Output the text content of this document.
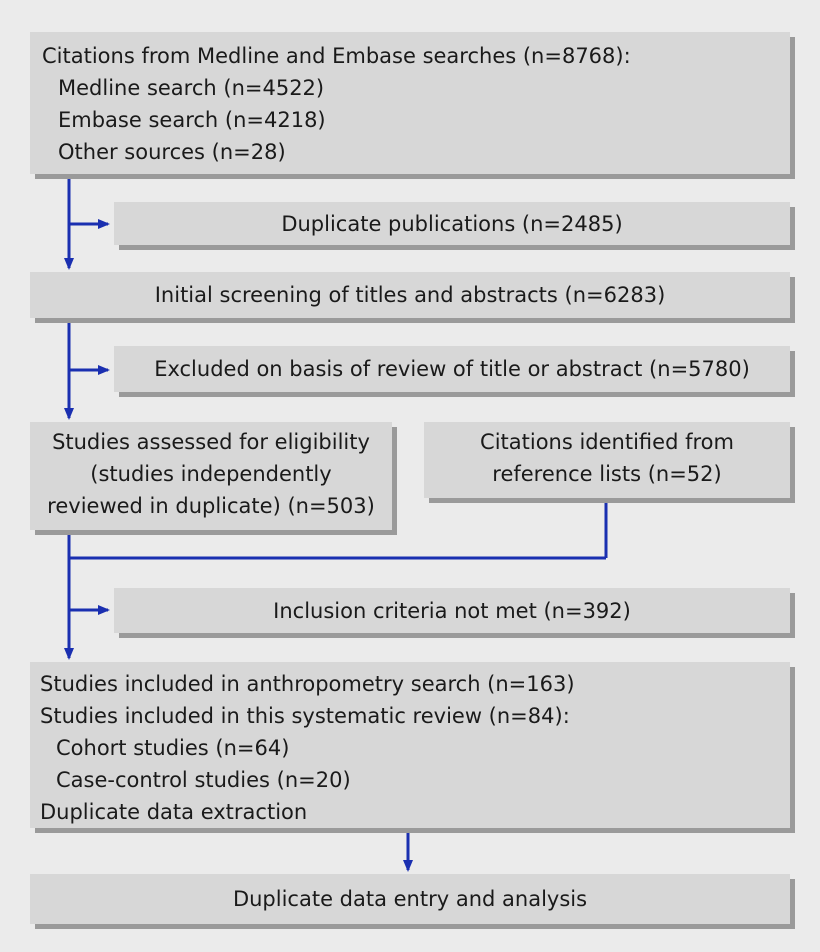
Citations from Medline and Embase searches (n=8768):
Medline search (n=4522)
Embase search (n=4218)
Other sources (n=28)
Duplicate publications (n=2485)
Initial screening of titles and abstracts (n=6283)
Excluded on basis of review of title or abstract (n=5780)
Studies assessed for eligibility
(studies independently
reviewed in duplicate) (n=503)
Citations identified from
reference lists (n=52)
Inclusion criteria not met (n=392)
Studies included in anthropometry search (n=163)
Studies included in this systematic review (n=84):
Cohort studies (n=64)
Case-control studies (n=20)
Duplicate data extraction
Duplicate data entry and analysis
